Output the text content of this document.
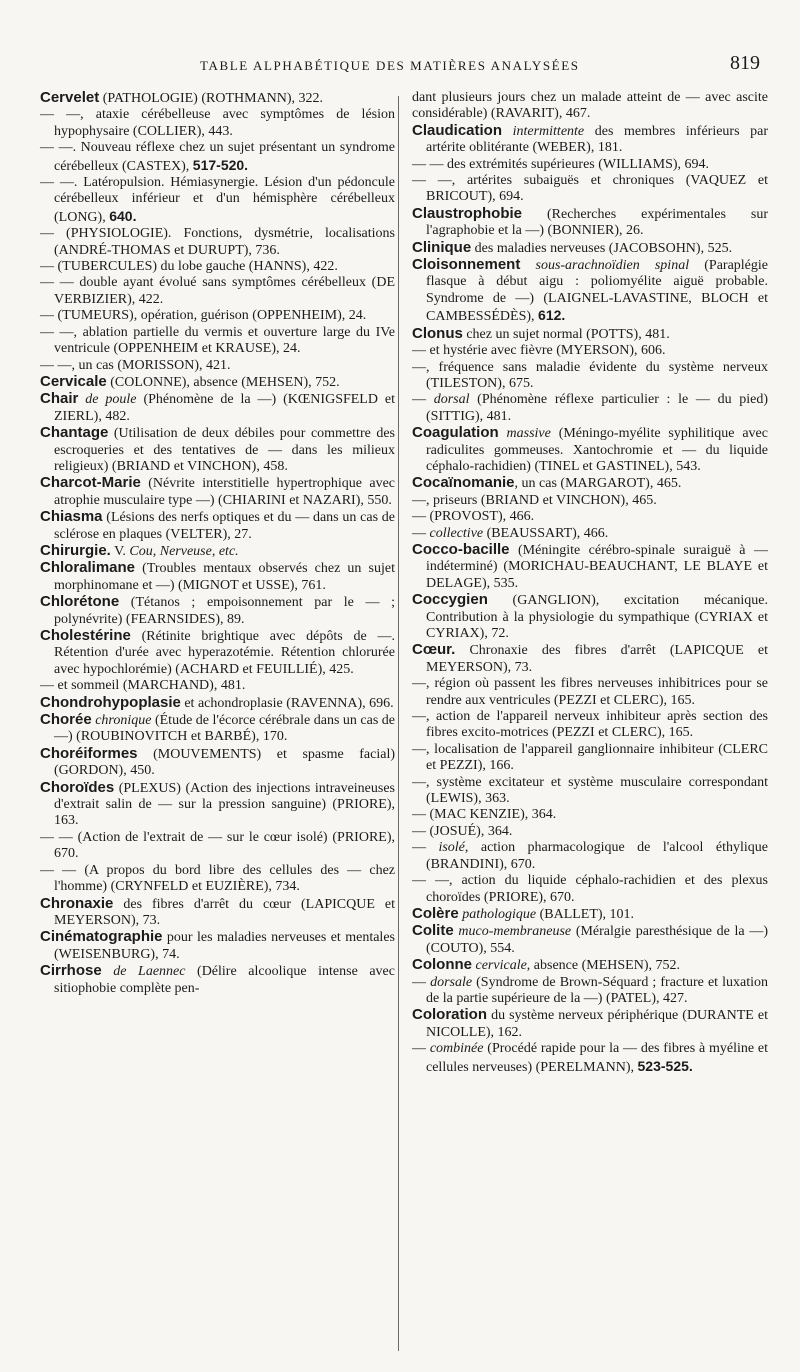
TABLE ALPHABÉTIQUE DES MATIÈRES ANALYSÉES	819

Cervelet (PATHOLOGIE) (ROTHMANN), 322.

— —, ataxie cérébelleuse avec symptômes de lésion hypophysaire (COLLIER), 443.

— —. Nouveau réflexe chez un sujet présentant un syndrome cérébelleux (CASTEX), 517-520.

— —. Latéropulsion. Hémiasynergie. Lésion d'un pédoncule cérébelleux inférieur et d'un hémisphère cérébelleux (LONG), 640.

— (PHYSIOLOGIE). Fonctions, dysmétrie, localisations (ANDRÉ-THOMAS et DURUPT), 736.

— (TUBERCULES) du lobe gauche (HANNS), 422.

— — double ayant évolué sans symptômes cérébelleux (DE VERBIZIER), 422.

— (TUMEURS), opération, guérison (OPPENHEIM), 24.

— —, ablation partielle du vermis et ouverture large du IVe ventricule (OPPENHEIM et KRAUSE), 24.

— —, un cas (MORISSON), 421.

Cervicale (COLONNE), absence (MEHSEN), 752.

Chair de poule (Phénomène de la —) (KŒNIGSFELD et ZIERL), 482.

Chantage (Utilisation de deux débiles pour commettre des escroqueries et des tentatives de — dans les milieux religieux) (BRIAND et VINCHON), 458.

Charcot-Marie (Névrite interstitielle hypertrophique avec atrophie musculaire type —) (CHIARINI et NAZARI), 550.

Chiasma (Lésions des nerfs optiques et du — dans un cas de sclérose en plaques (VELTER), 27.

Chirurgie. V. Cou, Nerveuse, etc.

Chloralimane (Troubles mentaux observés chez un sujet morphinomane et —) (MIGNOT et USSE), 761.

Chlorétone (Tétanos ; empoisonnement par le — ; polynévrite) (FEARNSIDES), 89.

Cholestérine (Rétinite brightique avec dépôts de —. Rétention d'urée avec hyperazotémie. Rétention chlorurée avec hypochlorémie) (ACHARD et FEUILLIÉ), 425.

— et sommeil (MARCHAND), 481.

Chondrohypoplasie et achondroplasie (RAVENNA), 696.

Chorée chronique (Étude de l'écorce cérébrale dans un cas de —) (ROUBINOVITCH et BARBÉ), 170.

Choréiformes (MOUVEMENTS) et spasme facial) (GORDON), 450.

Choroïdes (PLEXUS) (Action des injections intraveineuses d'extrait salin de — sur la pression sanguine) (PRIORE), 163.

— — (Action de l'extrait de — sur le cœur isolé) (PRIORE), 670.

— — (A propos du bord libre des cellules des — chez l'homme) (CRYNFELD et EUZIÈRE), 734.

Chronaxie des fibres d'arrêt du cœur (LAPICQUE et MEYERSON), 73.

Cinématographie pour les maladies nerveuses et mentales (WEISENBURG), 74.

Cirrhose de Laennec (Délire alcoolique intense avec sitiophobie complète pen-

dant plusieurs jours chez un malade atteint de — avec ascite considérable) (RAVARIT), 467.

Claudication intermittente des membres inférieurs par artérite oblitérante (WEBER), 181.

— — des extrémités supérieures (WILLIAMS), 694.

— —, artérites subaiguës et chroniques (VAQUEZ et BRICOUT), 694.

Claustrophobie (Recherches expérimentales sur l'agraphobie et la —) (BONNIER), 26.

Clinique des maladies nerveuses (JACOBSOHN), 525.

Cloisonnement sous-arachnoïdien spinal (Paraplégie flasque à début aigu : poliomyélite aiguë probable. Syndrome de —) (LAIGNEL-LAVASTINE, BLOCH et CAMBESSÉDÈS), 612.

Clonus chez un sujet normal (POTTS), 481.

— et hystérie avec fièvre (MYERSON), 606.

—, fréquence sans maladie évidente du système nerveux (TILESTON), 675.

— dorsal (Phénomène réflexe particulier : le — du pied) (SITTIG), 481.

Coagulation massive (Méningo-myélite syphilitique avec radiculites gommeuses. Xantochromie et — du liquide céphalo-rachidien) (TINEL et GASTINEL), 543.

Cocaïnomanie, un cas (MARGAROT), 465.

—, priseurs (BRIAND et VINCHON), 465.

— (PROVOST), 466.

— collective (BEAUSSART), 466.

Cocco-bacille (Méningite cérébro-spinale suraiguë à — indéterminé) (MORICHAU-BEAUCHANT, LE BLAYE et DELAGE), 535.

Coccygien (GANGLION), excitation mécanique. Contribution à la physiologie du sympathique (CYRIAX et CYRIAX), 72.

Cœur. Chronaxie des fibres d'arrêt (LAPICQUE et MEYERSON), 73.

—, région où passent les fibres nerveuses inhibitrices pour se rendre aux ventricules (PEZZI et CLERC), 165.

—, action de l'appareil nerveux inhibiteur après section des fibres excito-motrices (PEZZI et CLERC), 165.

—, localisation de l'appareil ganglionnaire inhibiteur (CLERC et PEZZI), 166.

—, système excitateur et système musculaire correspondant (LEWIS), 363.

— (MAC KENZIE), 364.

— (JOSUÉ), 364.

— isolé, action pharmacologique de l'alcool éthylique (BRANDINI), 670.

— —, action du liquide céphalo-rachidien et des plexus choroïdes (PRIORE), 670.

Colère pathologique (BALLET), 101.

Colite muco-membraneuse (Méralgie paresthésique de la —) (COUTO), 554.

Colonne cervicale, absence (MEHSEN), 752.

— dorsale (Syndrome de Brown-Séquard ; fracture et luxation de la partie supérieure de la —) (PATEL), 427.

Coloration du système nerveux périphérique (DURANTE et NICOLLE), 162.

— combinée (Procédé rapide pour la — des fibres à myéline et cellules nerveuses) (PERELMANN), 523-525.
